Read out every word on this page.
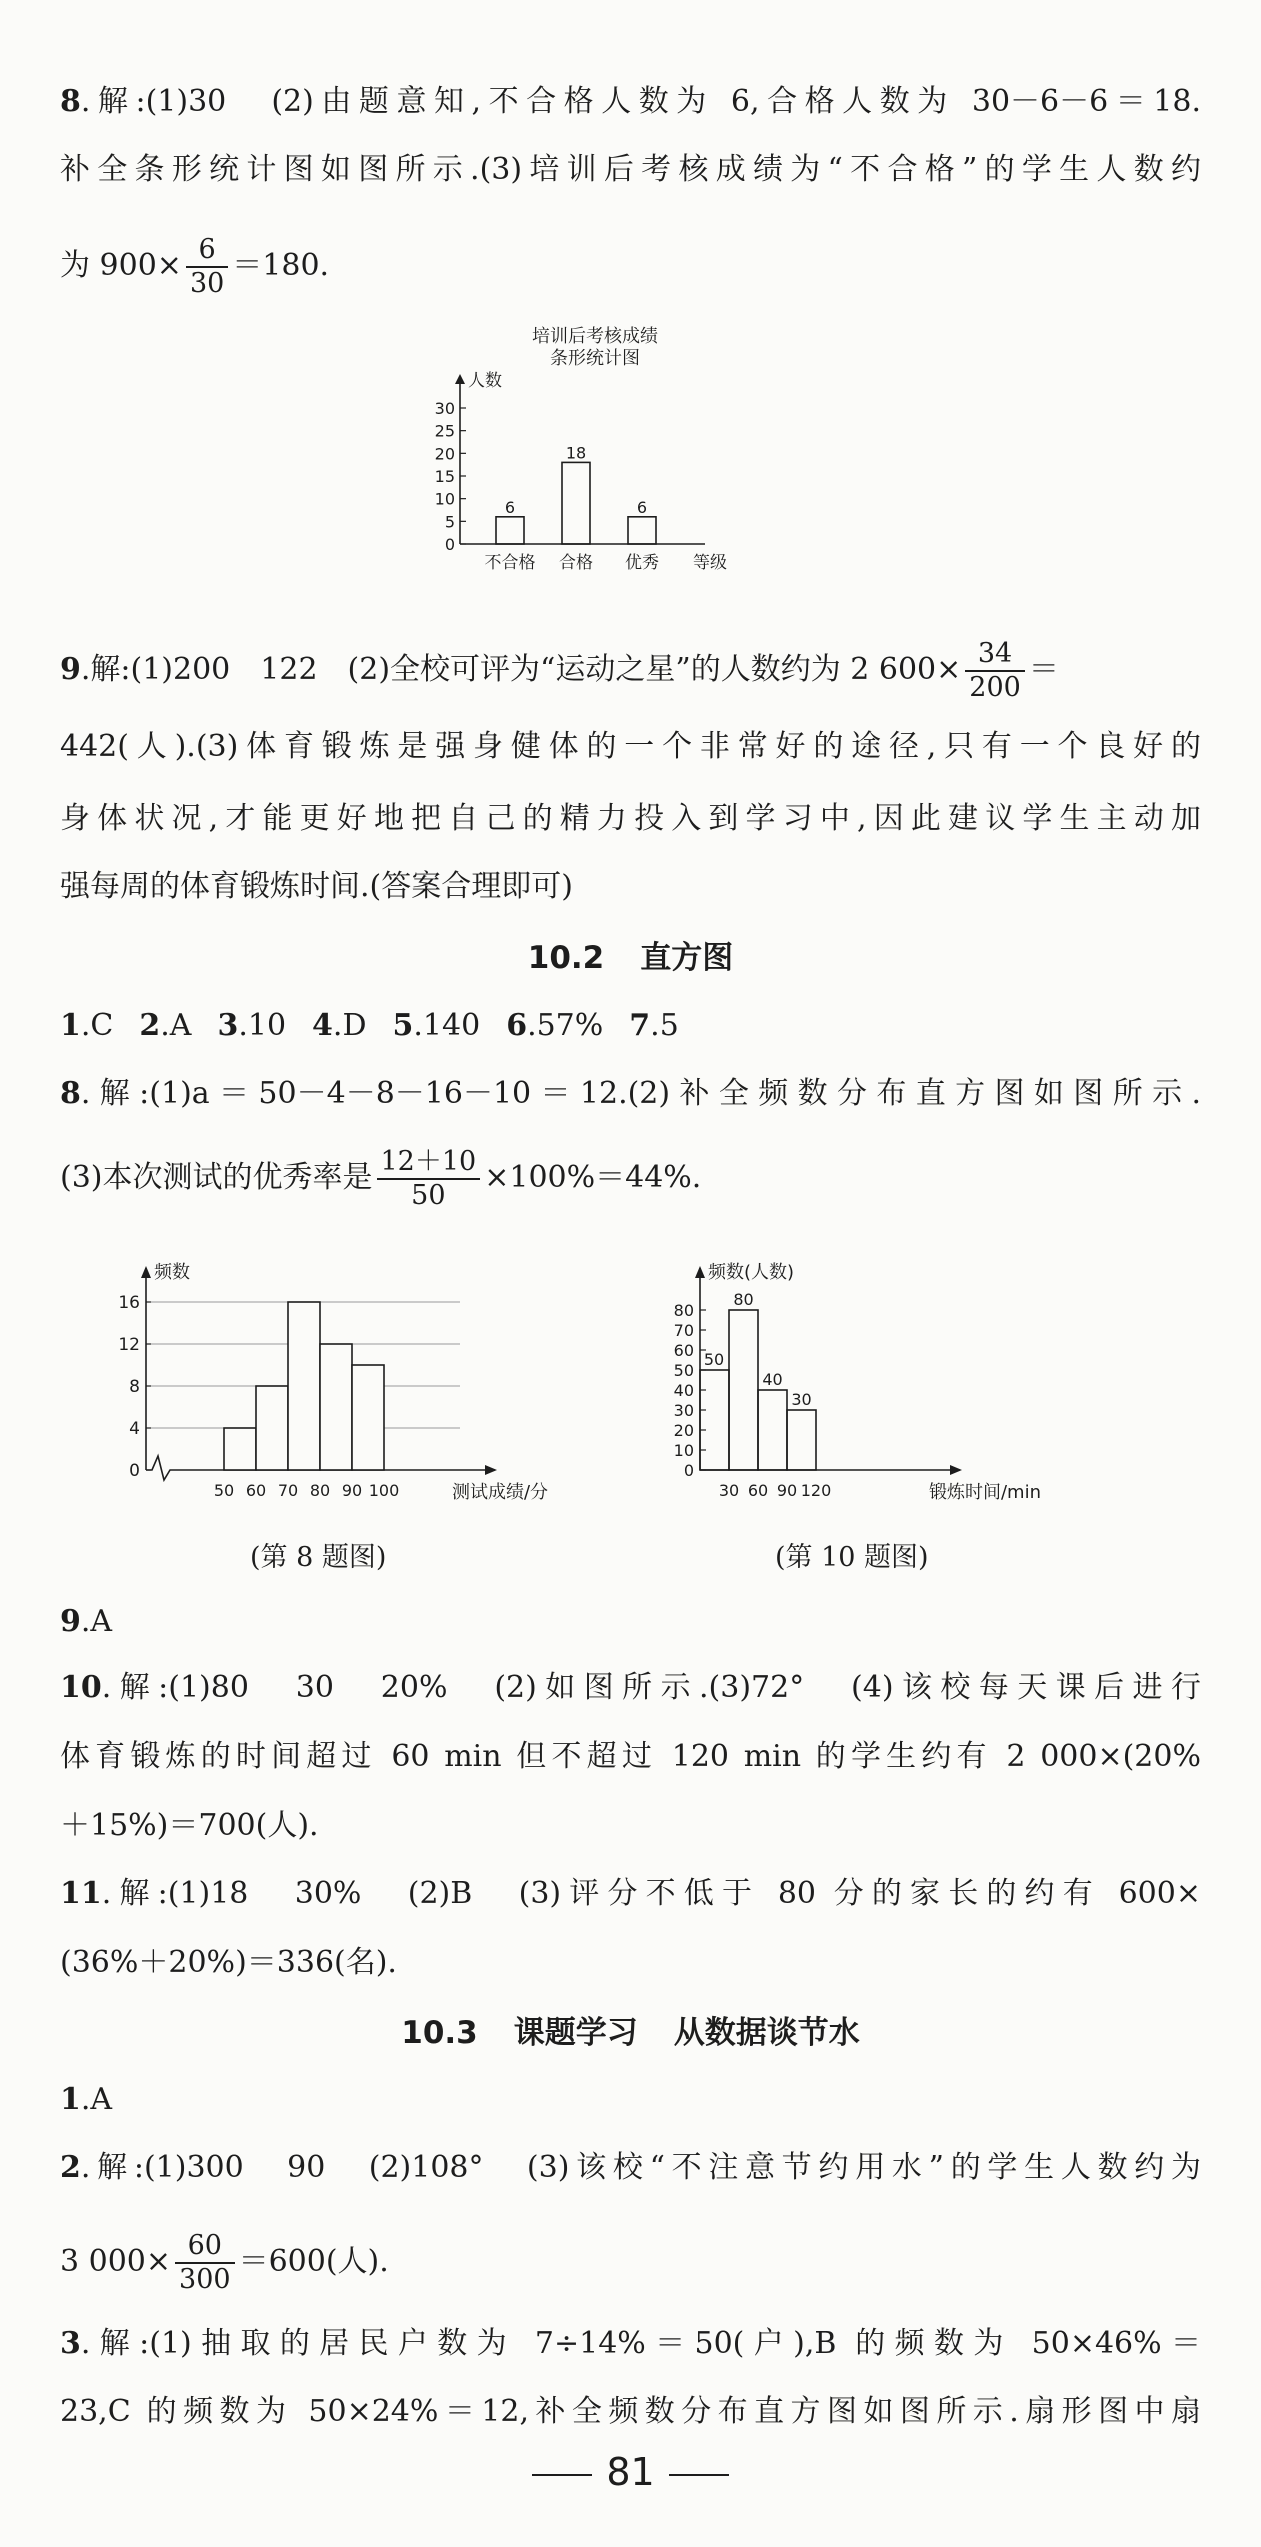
8.解:(1)30　(2)由题意知,不合格人数为 6,合格人数为 30－6－6＝18.
补全条形统计图如图所示.(3)培训后考核成绩为“不合格”的学生人数约
为 $900\times \frac{6}{30} =180$.
培训后考核成绩
条形统计图
人数
0
5
10
15
20
25
30
6
不合格
18
合格
6
优秀 等级
9.解:(1)200　122　(2)全校可评为“运动之星”的人数约为 2 $600\times \frac{34}{200}$ ＝
442(人).(3)体育锻炼是强身健体的一个非常好的途径,只有一个良好的
身体状况,才能更好地把自己的精力投入到学习中,因此建议学生主动加
强每周的体育锻炼时间.(答案合理即可)
10.2 直方图
1.C 2.A 3.10 4.D 5.140 6.57% 7.5
8.解:(1)a＝50－4－8－16－10＝12.(2)补全频数分布直方图如图所示.
(3)本次测试的优秀率是 $\frac{12+10}{50} \times 100\%=44\%$.
频数
0
4
8
12
16
50 60 70 80 90 100	测试成绩/分
(第 8 题图)
频数(人数)
0
10
20
30
40
50
60
70
80
50
80
40
30
30 60 90 120	锻炼时间/min
(第 10 题图)
9.A
10.解:(1)80　30　20%　(2)如图所示.(3)72°　(4)该校每天课后进行
体育锻炼的时间超过 60 min 但不超过 120 min 的学生约有 2 000×(20%
＋15%)＝700(人).
11.解:(1)18　30%　(2)B　(3)评分不低于 80 分的家长的约有 600×
(36%＋20%)＝336(名).
10.3 课题学习 从数据谈节水
1.A
2.解:(1)300　90　(2)108°　(3)该校“不注意节约用水”的学生人数约为
3 $000\times \frac{60}{300} =600$(人).
3.解:(1)抽取的居民户数为 7÷14%＝50(户),B 的频数为 50×46%＝
23,C 的频数为 50×24%＝12,补全频数分布直方图如图所示.扇形图中扇
81
